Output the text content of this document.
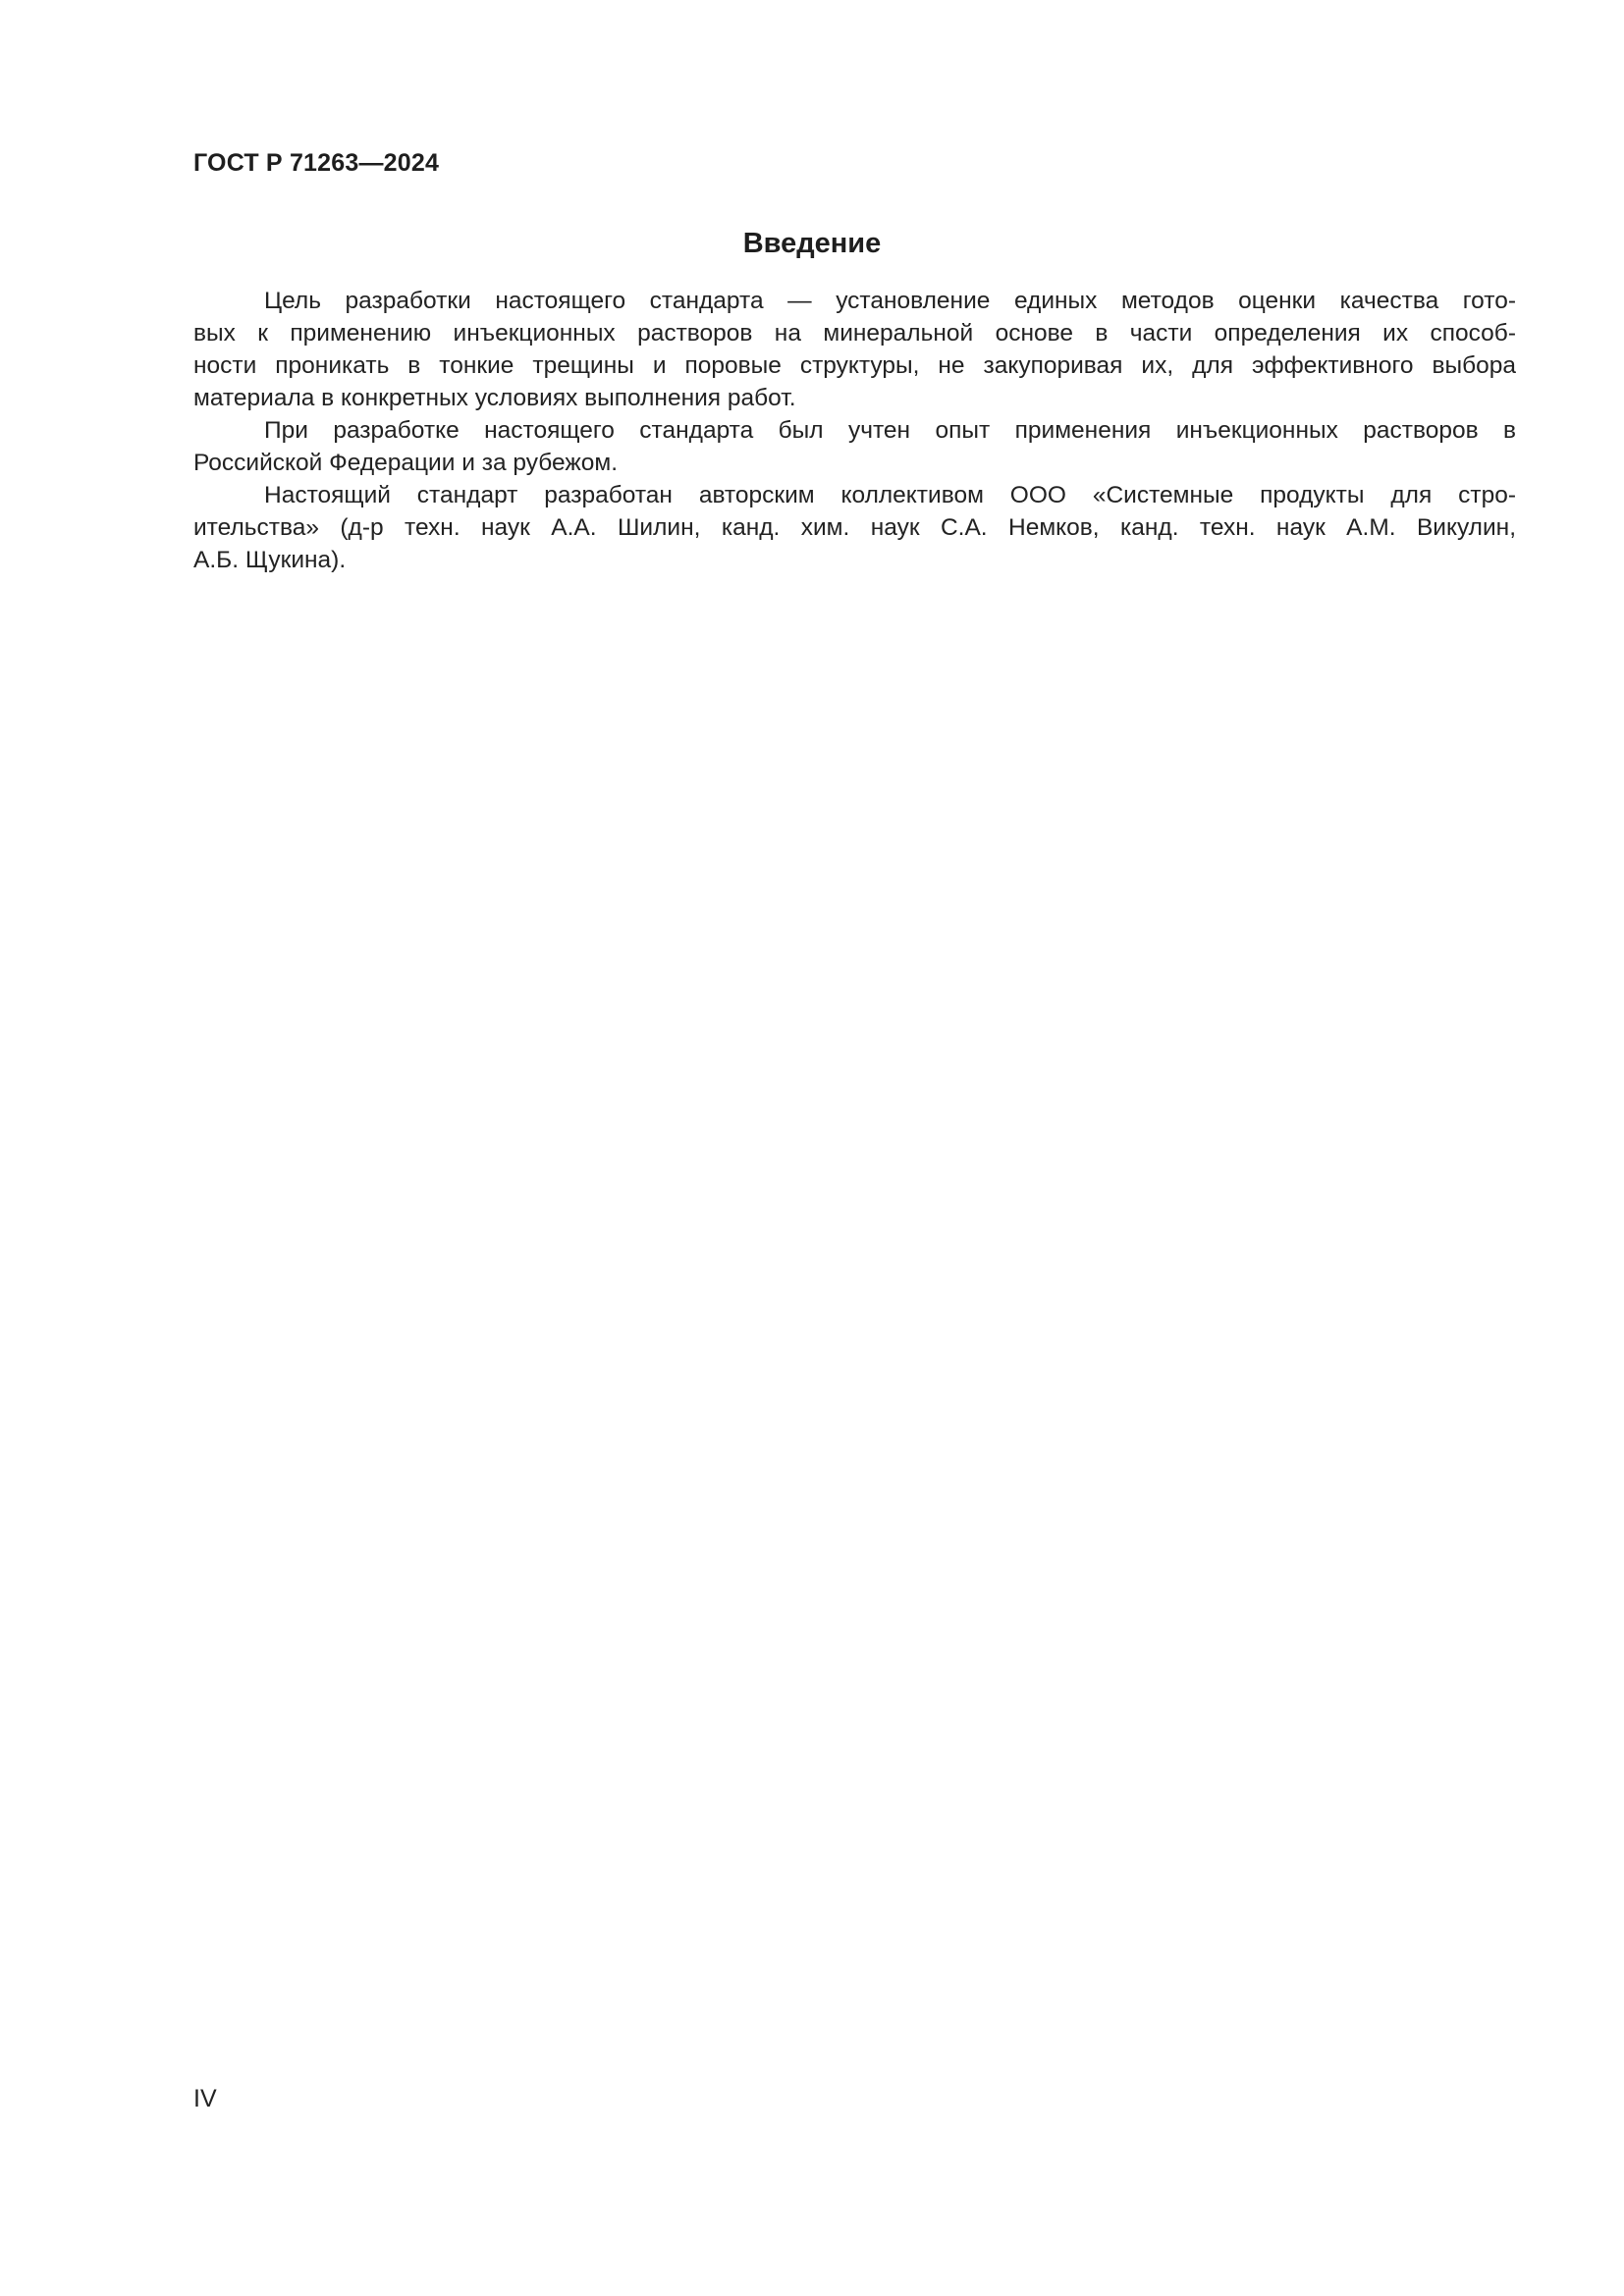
ГОСТ Р 71263—2024
Введение
Цель разработки настоящего стандарта — установление единых методов оценки качества гото-
вых к применению инъекционных растворов на минеральной основе в части определения их способ-
ности проникать в тонкие трещины и поровые структуры, не закупоривая их, для эффективного выбора
материала в конкретных условиях выполнения работ.
При разработке настоящего стандарта был учтен опыт применения инъекционных растворов в
Российской Федерации и за рубежом.
Настоящий стандарт разработан авторским коллективом ООО «Системные продукты для стро-
ительства» (д-р техн. наук А.А. Шилин, канд. хим. наук С.А. Немков, канд. техн. наук А.М. Викулин,
А.Б. Щукина).
IV
